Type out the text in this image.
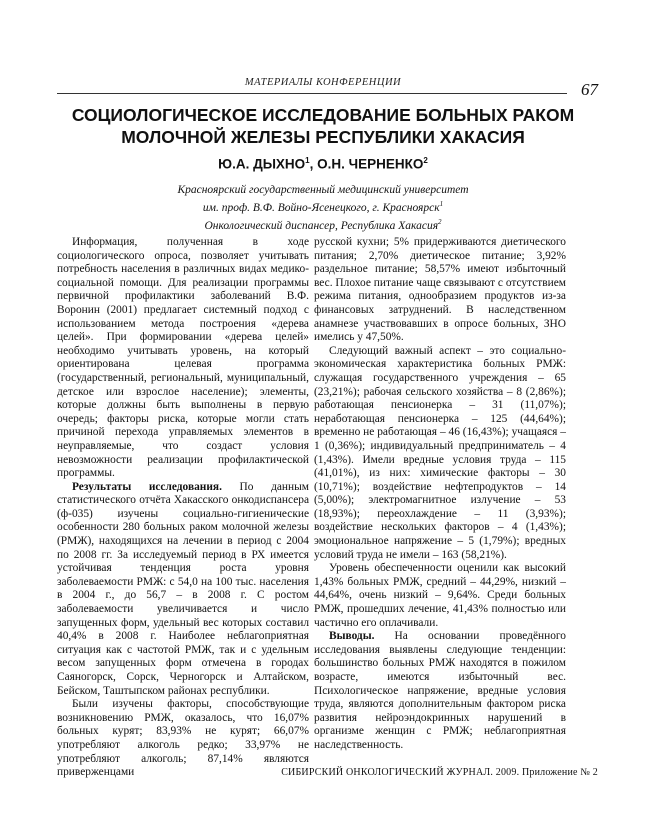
МАТЕРИАЛЫ КОНФЕРЕНЦИИ	67
СОЦИОЛОГИЧЕСКОЕ ИССЛЕДОВАНИЕ БОЛЬНЫХ РАКОМ МОЛОЧНОЙ ЖЕЛЕЗЫ РЕСПУБЛИКИ ХАКАСИЯ
Ю.А. ДЫХНО$^1$, О.Н. ЧЕРНЕНКО$^2$
Красноярский государственный медицинский университет
им. проф. В.Ф. Войно-Ясенецкого, г. Красноярск$^1$
Онкологический диспансер, Республика Хакасия$^2$

Информация, полученная в ходе социологического опроса, позволяет учитывать потребность населения в различных видах медико-социальной помощи. Для реализации программы первичной профилактики заболеваний В.Ф. Воронин (2001) предлагает системный подход с использованием метода построения «дерева целей». При формировании «дерева целей» необходимо учитывать уровень, на который ориентирована целевая программа (государственный, региональный, муниципальный, детское или взрослое население); элементы, которые должны быть выполнены в первую очередь; факторы риска, которые могли стать причиной перехода управляемых элементов в неуправляемые, что создаст условия невозможности реализации профилактической программы.

Результаты исследования. По данным статистического отчёта Хакасского онкодиспансера (ф-035) изучены социально-гигиенические особенности 280 больных раком молочной железы (РМЖ), находящихся на лечении в период с 2004 по 2008 гг. За исследуемый период в РХ имеется устойчивая тенденция роста уровня заболеваемости РМЖ: с 54,0 на 100 тыс. населения в 2004 г., до 56,7 – в 2008 г. С ростом заболеваемости увеличивается и число запущенных форм, удельный вес которых составил 40,4% в 2008 г. Наиболее неблагоприятная ситуация как с частотой РМЖ, так и с удельным весом запущенных форм отмечена в городах Саяногорск, Сорск, Черногорск и Алтайском, Бейском, Таштыпском районах республики.

Были изучены факторы, способствующие возникновению РМЖ, оказалось, что 16,07% больных курят; 83,93% не курят; 66,07% употребляют алкоголь редко; 33,97% не употребляют алкоголь; 87,14% являются приверженцами

русской кухни; 5% придерживаются диетического питания; 2,70% диетическое питание; 3,92% раздельное питание; 58,57% имеют избыточный вес. Плохое питание чаще связывают с отсутствием режима питания, однообразием продуктов из-за финансовых затруднений. В наследственном анамнезе участвовавших в опросе больных, ЗНО имелись у 47,50%.

Следующий важный аспект – это социально-экономическая характеристика больных РМЖ: служащая государственного учреждения – 65 (23,21%); рабочая сельского хозяйства – 8 (2,86%); работающая пенсионерка – 31 (11,07%); неработающая пенсионерка – 125 (44,64%); временно не работающая – 46 (16,43%); учащаяся – 1 (0,36%); индивидуальный предприниматель – 4 (1,43%). Имели вредные условия труда – 115 (41,01%), из них: химические факторы – 30 (10,71%); воздействие нефтепродуктов – 14 (5,00%); электромагнитное излучение – 53 (18,93%); переохлаждение – 11 (3,93%); воздействие нескольких факторов – 4 (1,43%); эмоциональное напряжение – 5 (1,79%); вредных условий труда не имели – 163 (58,21%).

Уровень обеспеченности оценили как высокий 1,43% больных РМЖ, средний – 44,29%, низкий – 44,64%, очень низкий – 9,64%. Среди больных РМЖ, прошедших лечение, 41,43% полностью или частично его оплачивали.

Выводы. На основании проведённого исследования выявлены следующие тенденции: большинство больных РМЖ находятся в пожилом возрасте, имеются избыточный вес. Психологическое напряжение, вредные условия труда, являются дополнительным фактором риска развития нейроэндокринных нарушений в организме женщин с РМЖ; неблагоприятная наследственность.

СИБИРСКИЙ ОНКОЛОГИЧЕСКИЙ ЖУРНАЛ. 2009. Приложение № 2
